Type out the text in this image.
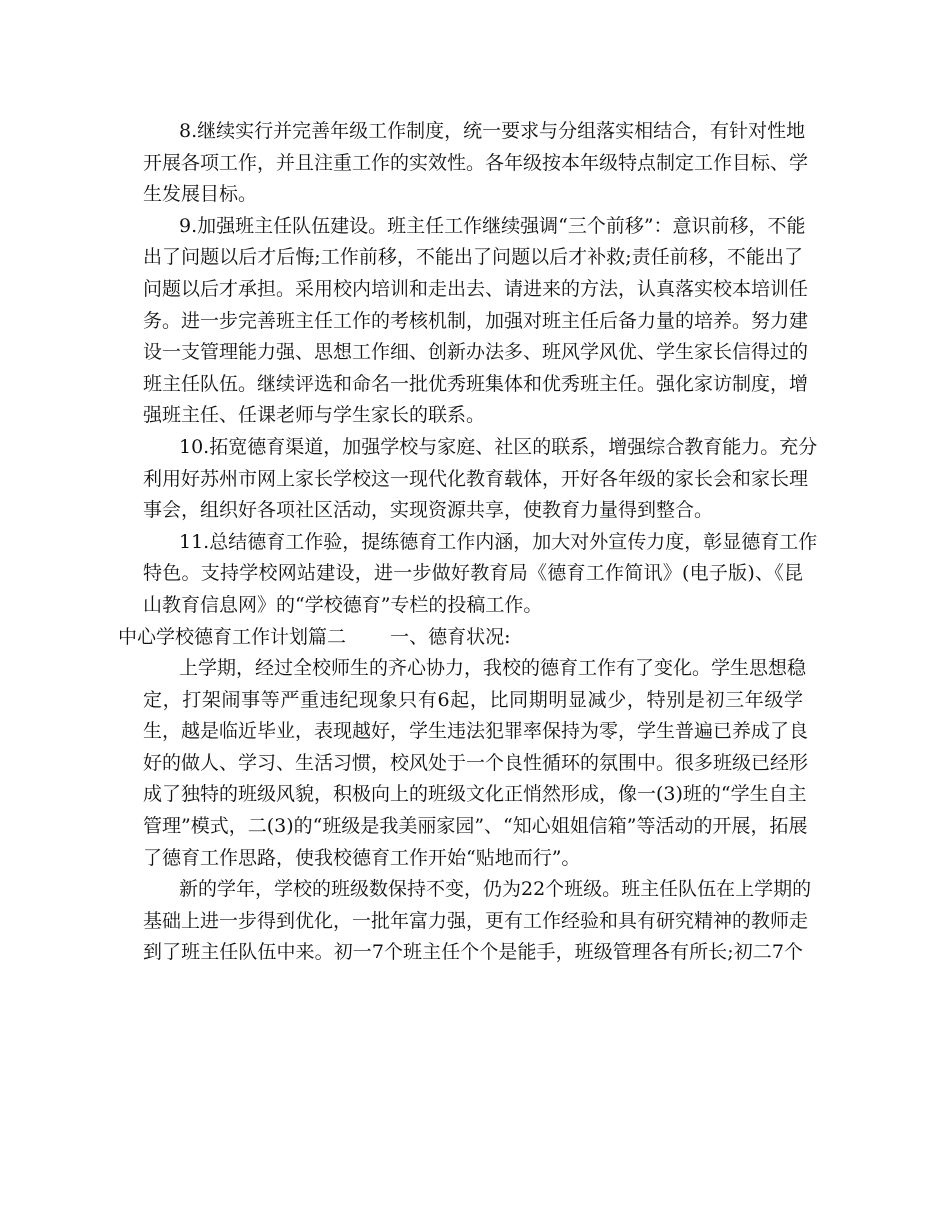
8.继续实行并完善年级工作制度，统一要求与分组落实相结合，有针对性地
开展各项工作，并且注重工作的实效性。各年级按本年级特点制定工作目标、学
生发展目标。
9.加强班主任队伍建设。班主任工作继续强调“三个前移”：意识前移，不能
出了问题以后才后悔;工作前移，不能出了问题以后才补救;责任前移，不能出了
问题以后才承担。采用校内培训和走出去、请进来的方法，认真落实校本培训任
务。进一步完善班主任工作的考核机制，加强对班主任后备力量的培养。努力建
设一支管理能力强、思想工作细、创新办法多、班风学风优、学生家长信得过的
班主任队伍。继续评选和命名一批优秀班集体和优秀班主任。强化家访制度，增
强班主任、任课老师与学生家长的联系。
10.拓宽德育渠道，加强学校与家庭、社区的联系，增强综合教育能力。充分
利用好苏州市网上家长学校这一现代化教育载体，开好各年级的家长会和家长理
事会，组织好各项社区活动，实现资源共享，使教育力量得到整合。
11.总结德育工作验，提练德育工作内涵，加大对外宣传力度，彰显德育工作
特色。支持学校网站建设，进一步做好教育局《德育工作简讯》(电子版)、《昆
山教育信息网》的“学校德育”专栏的投稿工作。
中心学校德育工作计划篇二 一、德育状况:
上学期，经过全校师生的齐心协力，我校的德育工作有了变化。学生思想稳
定，打架闹事等严重违纪现象只有6起，比同期明显减少，特别是初三年级学
生，越是临近毕业，表现越好，学生违法犯罪率保持为零，学生普遍已养成了良
好的做人、学习、生活习惯，校风处于一个良性循环的氛围中。很多班级已经形
成了独特的班级风貌，积极向上的班级文化正悄然形成，像一(3)班的“学生自主
管理”模式，二(3)的“班级是我美丽家园”、“知心姐姐信箱”等活动的开展，拓展
了德育工作思路，使我校德育工作开始“贴地而行”。
新的学年，学校的班级数保持不变，仍为22个班级。班主任队伍在上学期的
基础上进一步得到优化，一批年富力强，更有工作经验和具有研究精神的教师走
到了班主任队伍中来。初一7个班主任个个是能手，班级管理各有所长;初二7个
